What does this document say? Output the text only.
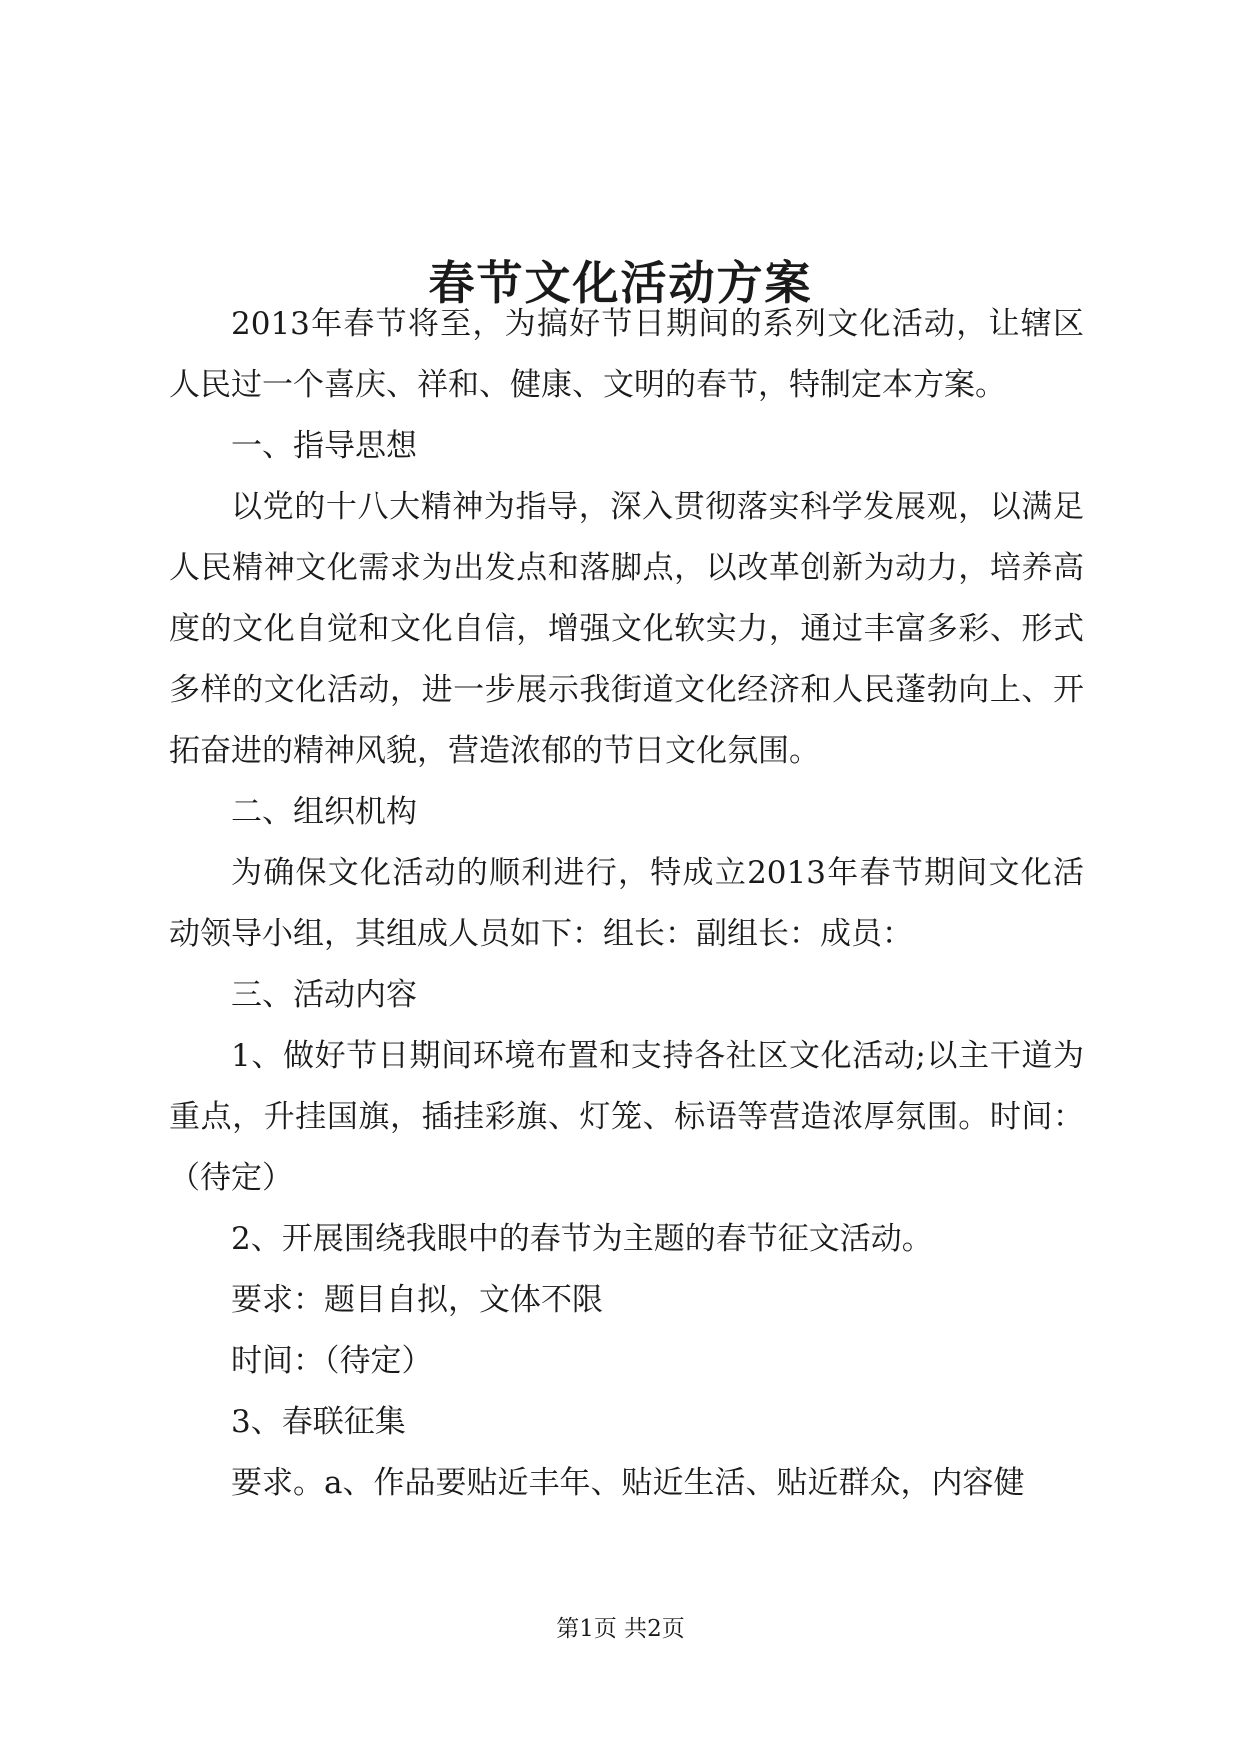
春节文化活动方案

2013年春节将至，为搞好节日期间的系列文化活动，让辖区人民过一个喜庆、祥和、健康、文明的春节，特制定本方案。

一、指导思想

以党的十八大精神为指导，深入贯彻落实科学发展观，以满足人民精神文化需求为出发点和落脚点，以改革创新为动力，培养高度的文化自觉和文化自信，增强文化软实力，通过丰富多彩、形式多样的文化活动，进一步展示我街道文化经济和人民蓬勃向上、开拓奋进的精神风貌，营造浓郁的节日文化氛围。

二、组织机构

为确保文化活动的顺利进行，特成立2013年春节期间文化活动领导小组，其组成人员如下：组长：副组长：成员：

三、活动内容

1、做好节日期间环境布置和支持各社区文化活动;以主干道为重点，升挂国旗，插挂彩旗、灯笼、标语等营造浓厚氛围。时间：（待定）

2、开展围绕我眼中的春节为主题的春节征文活动。

要求：题目自拟，文体不限

时间：（待定）

3、春联征集

要求。a、作品要贴近丰年、贴近生活、贴近群众，内容健

第1页 共2页
